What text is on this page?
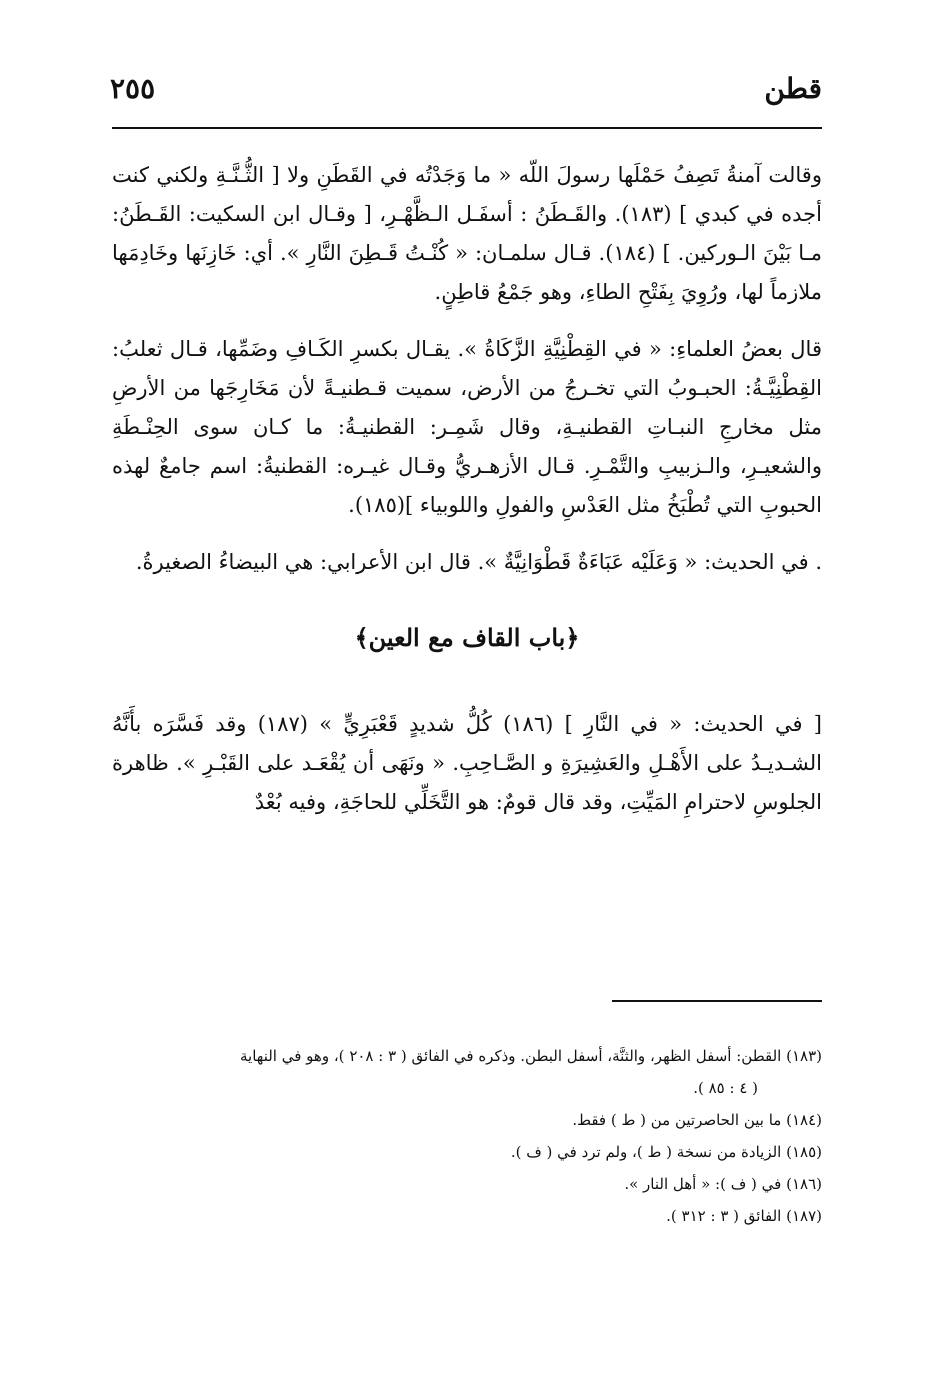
قطن
٢٥٥

وقالت آمنةُ تَصِفُ حَمْلَها رسولَ اللّه « ما وَجَدْتُه في القَطَنِ ولا [ الثُّـنَّـةِ ولكني كنت أجده في كبدي ] (١٨٣). والقَـطَنُ : أسفَـل الـظَّهْـرِ، [ وقـال ابن السكيت: القَـطَنُ: مـا بَيْنَ الـوركين. ] (١٨٤). قـال سلمـان: « كُنْـتُ قَـطِنَ النَّارِ ». أي: خَازِنَها وخَادِمَها ملازماً لها، ورُوِيَ بِفَتْحِ الطاءِ، وهو جَمْعُ قاطِنٍ.

قال بعضُ العلماءِ: « في القِطْنِيَّةِ الزَّكَاةُ ». يقـال بكسرِ الكَـافِ وضَمِّها، قـال ثعلبُ: القِطْنِيَّـةُ: الحبـوبُ التي تخـرجُ من الأرض، سميت قـطنيـةً لأن مَخَارِجَها من الأرضِ مثل مخارجِ النبـاتِ القطنيـةِ، وقال شَمِـر: القطنيـةُ: ما كـان سوى الحِنْـطَةِ والشعيـرِ، والـزبيبِ والتَّمْـرِ. قـال الأزهـريُّ وقـال غيـره: القطنيةُ: اسم جامعٌ لهذه الحبوبِ التي تُطْبَخُ مثل العَدْسِ والفولِ واللوبياء ](١٨٥).

. في الحديث: « وَعَلَيْه عَبَاءَةٌ قَطْوَانِيَّةٌ ». قال ابن الأعرابي: هي البيضاءُ الصغيرةُ.

﴿باب القاف مع العين﴾

[ في الحديث: « في النَّارِ ] (١٨٦) كُلُّ شديدٍ قَعْبَرِيٍّ » (١٨٧) وقد فَسَّرَه بأَنَّهُ الشـديـدُ على الأَهْـلِ والعَشِيرَةِ و الصَّـاحِبِ. « ونَهَى أن يُقْعَـد على القَبْـرِ ». ظاهرة الجلوسِ لاحترامِ المَيِّتِ، وقد قال قومٌ: هو التَّخَلِّي للحاجَةِ، وفيه بُعْدٌ

(١٨٣) القطن: أسفل الظهر، والثنَّة، أسفل البطن. وذكره في الفائق ( ٣ : ٢٠٨ )، وهو في النهاية

( ٤ : ٨٥ ).

(١٨٤) ما بين الحاصرتين من ( ط ) فقط.

(١٨٥) الزيادة من نسخة ( ط )، ولم ترد في ( ف ).

(١٨٦) في ( ف ): « أهل النار ».

(١٨٧) الفائق ( ٣ : ٣١٢ ).
